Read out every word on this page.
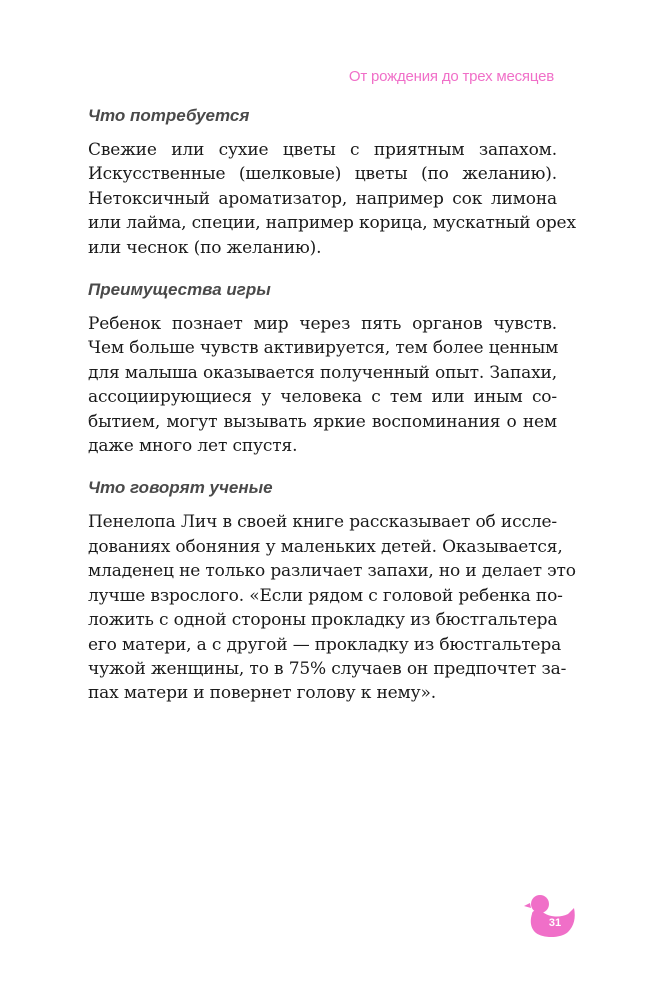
От рождения до трех месяцев
Что потребуется

Свежие или сухие цветы с приятным запахом.
Искусственные (шелковые) цветы (по желанию).
Нетоксичный ароматизатор, например сок лимона
или лайма, специи, например корица, мускатный орех
или чеснок (по желанию).

Преимущества игры

Ребенок познает мир через пять органов чувств.
Чем больше чувств активируется, тем более ценным
для малыша оказывается полученный опыт. Запахи,
ассоциирующиеся у человека с тем или иным со-
бытием, могут вызывать яркие воспоминания о нем
даже много лет спустя.

Что говорят ученые

Пенелопа Лич в своей книге рассказывает об иссле-
дованиях обоняния у маленьких детей. Оказывается,
младенец не только различает запахи, но и делает это
лучше взрослого. «Если рядом с головой ребенка по-
ложить с одной стороны прокладку из бюстгальтера
его матери, а с другой — прокладку из бюстгальтера
чужой женщины, то в 75% случаев он предпочтет за-
пах матери и повернет голову к нему».

31
